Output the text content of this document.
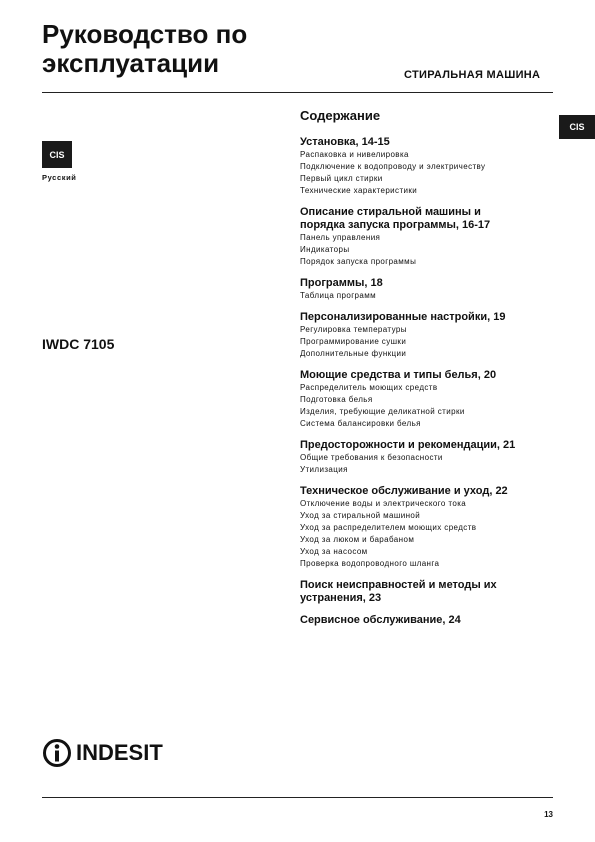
Руководство по
эксплуатации	СТИРАЛЬНАЯ МАШИНА
CIS
CIS
Русский
IWDC 7105
Содержание
Установка, 14-15
Распаковка и нивелировка
Подключение к водопроводу и электричеству
Первый цикл стирки
Технические характеристики
Описание стиральной машины и
порядка запуска программы, 16-17
Панель управления
Индикаторы
Порядок запуска программы
Программы, 18
Таблица программ
Персонализированные настройки, 19
Регулировка температуры
Программирование сушки
Дополнительные функции
Моющие средства и типы белья, 20
Распределитель моющих средств
Подготовка белья
Изделия, требующие деликатной стирки
Система балансировки белья
Предосторожности и рекомендации, 21
Общие требования к безопасности
Утилизация
Техническое обслуживание и уход, 22
Отключение воды и электрического тока
Уход за стиральной машиной
Уход за распределителем моющих средств
Уход за люком и барабаном
Уход за насосом
Проверка водопроводного шланга
Поиск неисправностей и методы их
устранения, 23
Сервисное обслуживание, 24
INDESIT
13
